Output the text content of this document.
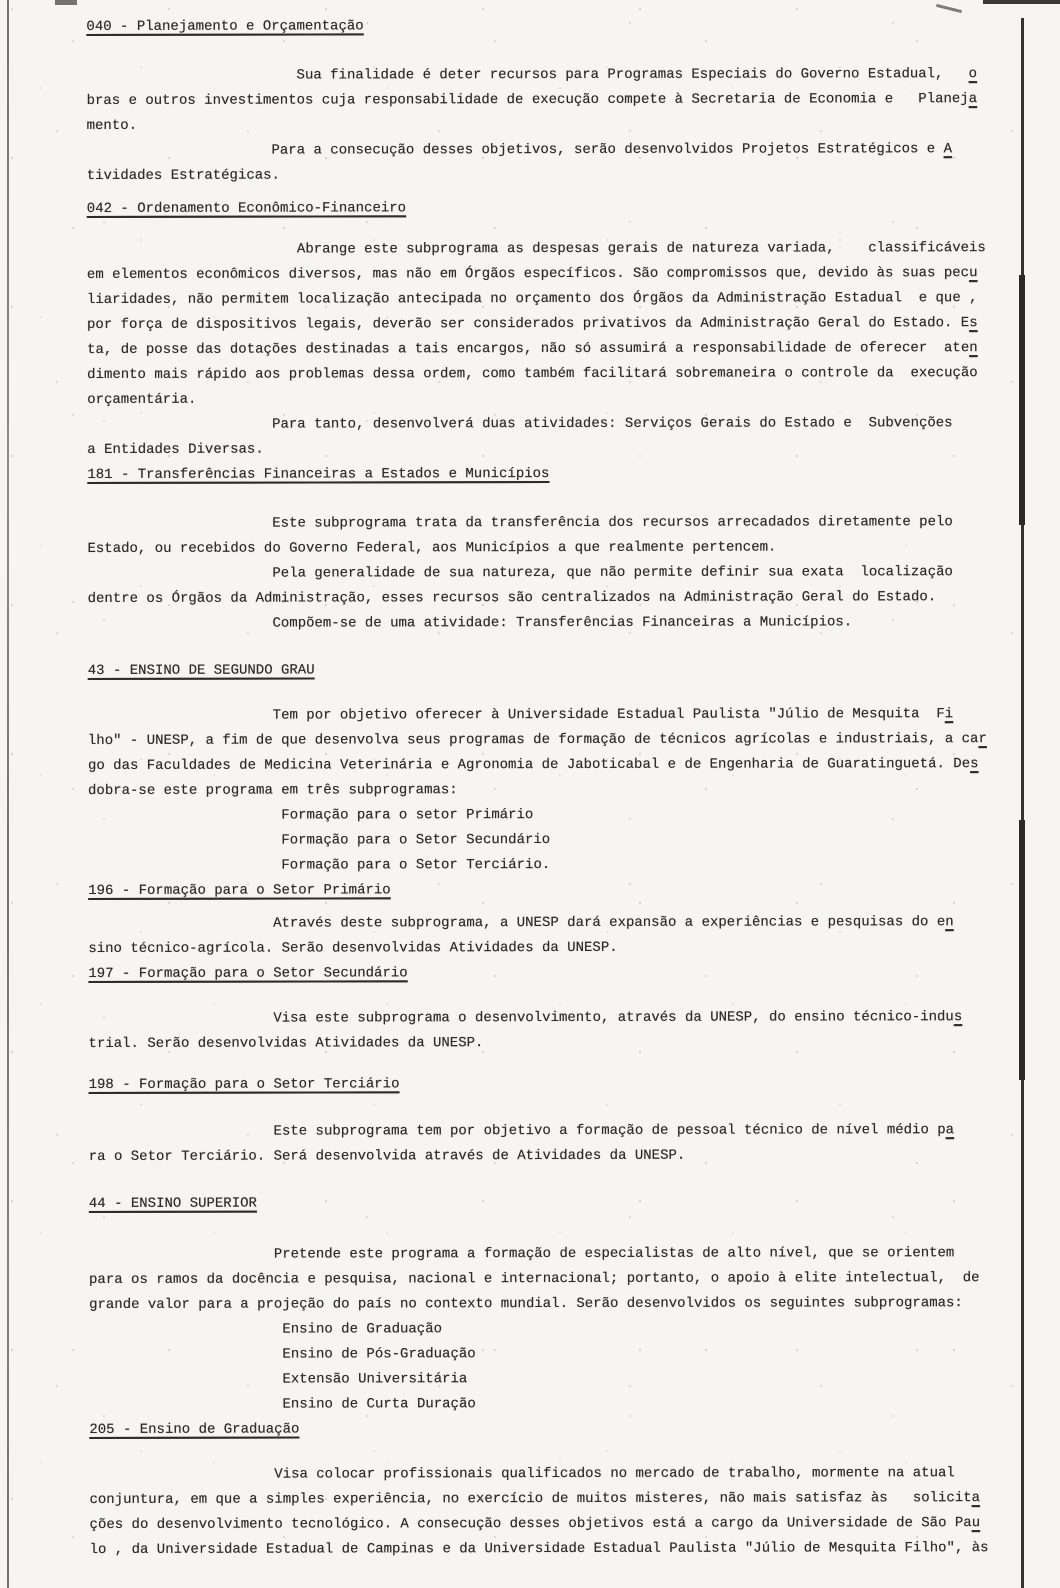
040 - Planejamento e Orçamentação
Sua finalidade é deter recursos para Programas Especiais do Governo Estadual,   o
bras e outros investimentos cuja responsabilidade de execução compete à Secretaria de Economia e   Planeja
mento.
Para a consecução desses objetivos, serão desenvolvidos Projetos Estratégicos e A
tividades Estratégicas.
042 - Ordenamento Econômico-Financeiro
Abrange este subprograma as despesas gerais de natureza variada,    classificáveis
em elementos econômicos diversos, mas não em Órgãos específicos. São compromissos que, devido às suas pecu
liaridades, não permitem localização antecipada no orçamento dos Órgãos da Administração Estadual  e que ,
por força de dispositivos legais, deverão ser considerados privativos da Administração Geral do Estado. Es
ta, de posse das dotações destinadas a tais encargos, não só assumirá a responsabilidade de oferecer  aten
dimento mais rápido aos problemas dessa ordem, como também facilitará sobremaneira o controle da  execução
orçamentária.
Para tanto, desenvolverá duas atividades: Serviços Gerais do Estado e  Subvenções
a Entidades Diversas.
181 - Transferências Financeiras a Estados e Municípios
Este subprograma trata da transferência dos recursos arrecadados diretamente pelo
Estado, ou recebidos do Governo Federal, aos Municípios a que realmente pertencem.
Pela generalidade de sua natureza, que não permite definir sua exata  localização
dentre os Órgãos da Administração, esses recursos são centralizados na Administração Geral do Estado.
Compõem-se de uma atividade: Transferências Financeiras a Municípios.
43 - ENSINO DE SEGUNDO GRAU
Tem por objetivo oferecer à Universidade Estadual Paulista "Júlio de Mesquita  Fi
lho" - UNESP, a fim de que desenvolva seus programas de formação de técnicos agrícolas e industriais, a car
go das Faculdades de Medicina Veterinária e Agronomia de Jaboticabal e de Engenharia de Guaratinguetá. Des
dobra-se este programa em três subprogramas:
Formação para o setor Primário
Formação para o Setor Secundário
Formação para o Setor Terciário.
196 - Formação para o Setor Primário
Através deste subprograma, a UNESP dará expansão a experiências e pesquisas do en
sino técnico-agrícola. Serão desenvolvidas Atividades da UNESP.
197 - Formação para o Setor Secundário
Visa este subprograma o desenvolvimento, através da UNESP, do ensino técnico-indus
trial. Serão desenvolvidas Atividades da UNESP.
198 - Formação para o Setor Terciário
Este subprograma tem por objetivo a formação de pessoal técnico de nível médio pa
ra o Setor Terciário. Será desenvolvida através de Atividades da UNESP.
44 - ENSINO SUPERIOR
Pretende este programa a formação de especialistas de alto nível, que se orientem
para os ramos da docência e pesquisa, nacional e internacional; portanto, o apoio à elite intelectual,  de
grande valor para a projeção do país no contexto mundial. Serão desenvolvidos os seguintes subprogramas:
Ensino de Graduação
Ensino de Pós-Graduação
Extensão Universitária
Ensino de Curta Duração
205 - Ensino de Graduação
Visa colocar profissionais qualificados no mercado de trabalho, mormente na atual
conjuntura, em que a simples experiência, no exercício de muitos misteres, não mais satisfaz às   solicita
ções do desenvolvimento tecnológico. A consecução desses objetivos está a cargo da Universidade de São Pau
lo , da Universidade Estadual de Campinas e da Universidade Estadual Paulista "Júlio de Mesquita Filho", às
